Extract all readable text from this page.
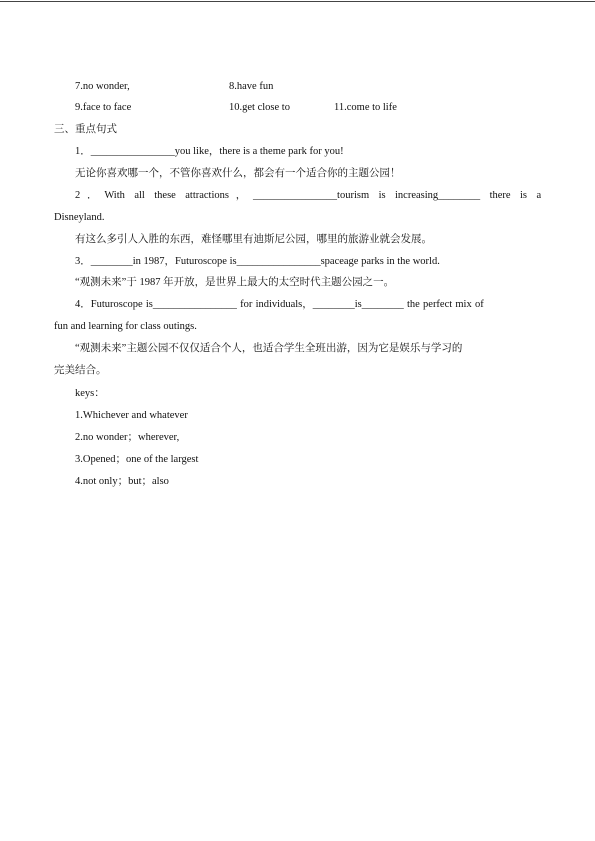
7.no wonder,	8.have fun
9.face to face	10.get close to	11.come to life
三、重点句式
1．________________you like，there is a theme park for you!
无论你喜欢哪一个，不管你喜欢什么，都会有一个适合你的主题公园！
2．With all these attractions，________________tourism is increasing________ there is a
Disneyland.
有这么多引人入胜的东西，难怪哪里有迪斯尼公园，哪里的旅游业就会发展。
3．________in 1987，Futuroscope is________________spaceage parks in the world.
“观测未来”于 1987 年开放，是世界上最大的太空时代主题公园之一。
4．Futuroscope is________________ for individuals，________is________ the perfect mix of
fun and learning for class outings.
“观测未来”主题公园不仅仅适合个人，也适合学生全班出游，因为它是娱乐与学习的
完美结合。
keys：
1.Whichever and whatever
2.no wonder；wherever,
3.Opened；one of the largest
4.not only；but；also
